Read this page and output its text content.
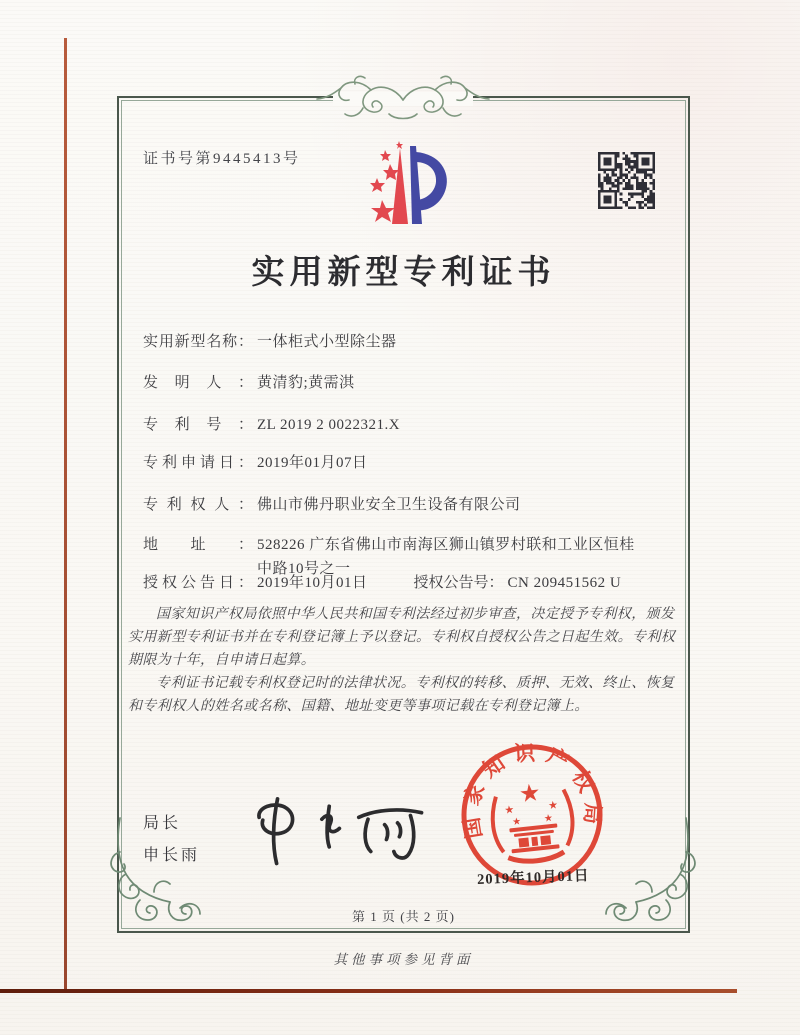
证书号第9445413号
实用新型专利证书
实用新型名称： 一体柜式小型除尘器
发明人： 黄清豹;黄需淇
专利号： ZL 2019 2 0022321.X
专利申请日： 2019年01月07日
专利权人： 佛山市佛丹职业安全卫生设备有限公司
地址： 528226 广东省佛山市南海区狮山镇罗村联和工业区恒桂
中路10号之一
授权公告日： 2019年10月01日	授权公告号： CN 209451562 U

国家知识产权局依照中华人民共和国专利法经过初步审查，决定授予专利权，颁发实用新型专利证书并在专利登记簿上予以登记。专利权自授权公告之日起生效。专利权期限为十年，自申请日起算。

专利证书记载专利权登记时的法律状况。专利权的转移、质押、无效、终止、恢复和专利权人的姓名或名称、国籍、地址变更等事项记载在专利登记簿上。

局长
申长雨
国家知识产权局
★
★	★
★ ★
2019年10月01日
第 1 页 (共 2 页)
其他事项参见背面
